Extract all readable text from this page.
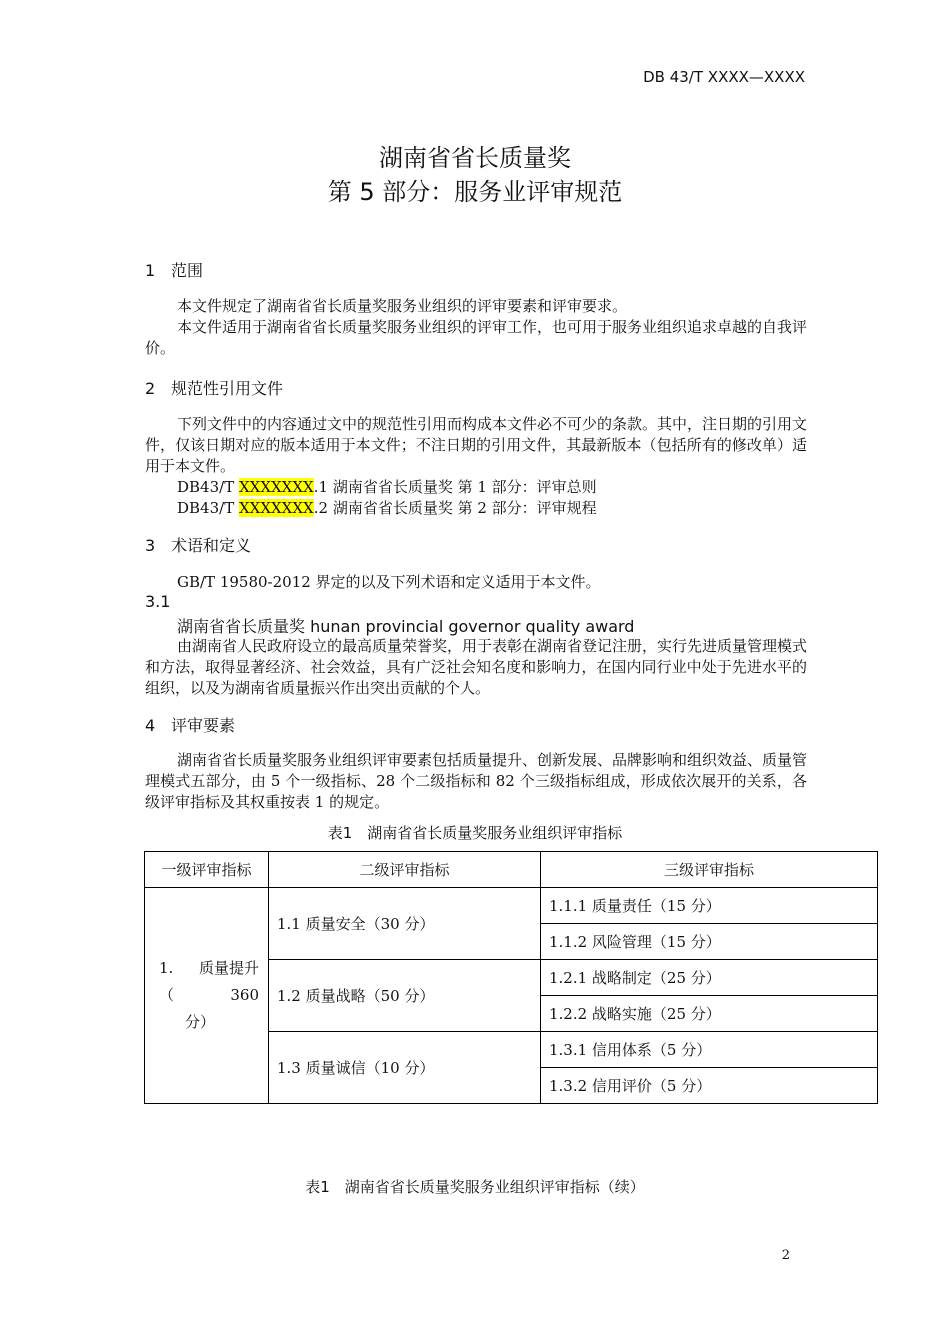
DB 43/T XXXX—XXXX
湖南省省长质量奖
第 5 部分：服务业评审规范
1 范围

本文件规定了湖南省省长质量奖服务业组织的评审要素和评审要求。

本文件适用于湖南省省长质量奖服务业组织的评审工作，也可用于服务业组织追求卓越的自我评价。

2 规范性引用文件

下列文件中的内容通过文中的规范性引用而构成本文件必不可少的条款。其中，注日期的引用文件，仅该日期对应的版本适用于本文件；不注日期的引用文件，其最新版本（包括所有的修改单）适用于本文件。

DB43/T XXXXXXX.1 湖南省省长质量奖 第 1 部分：评审总则
DB43/T XXXXXXX.2 湖南省省长质量奖 第 2 部分：评审规程
3 术语和定义
GB/T 19580-2012 界定的以及下列术语和定义适用于本文件。
3.1
湖南省省长质量奖 hunan provincial governor quality award

由湖南省人民政府设立的最高质量荣誉奖，用于表彰在湖南省登记注册，实行先进质量管理模式和方法，取得显著经济、社会效益，具有广泛社会知名度和影响力，在国内同行业中处于先进水平的组织，以及为湖南省质量振兴作出突出贡献的个人。

4 评审要素

湖南省省长质量奖服务业组织评审要素包括质量提升、创新发展、品牌影响和组织效益、质量管理模式五部分，由 5 个一级指标、28 个二级指标和 82 个三级指标组成，形成依次展开的关系，各级评审指标及其权重按表 1 的规定。

表1　湖南省省长质量奖服务业组织评审指标
一级评审指标	二级评审指标	三级评审指标

1. 质量提升
（ 360
分）	1.1 质量安全（30 分）	1.1.1 质量责任（15 分）
		1.1.2 风险管理（15 分）
	1.2 质量战略（50 分）	1.2.1 战略制定（25 分）
		1.2.2 战略实施（25 分）
	1.3 质量诚信（10 分）	1.3.1 信用体系（5 分）
		1.3.2 信用评价（5 分）
表1　湖南省省长质量奖服务业组织评审指标（续）
2
